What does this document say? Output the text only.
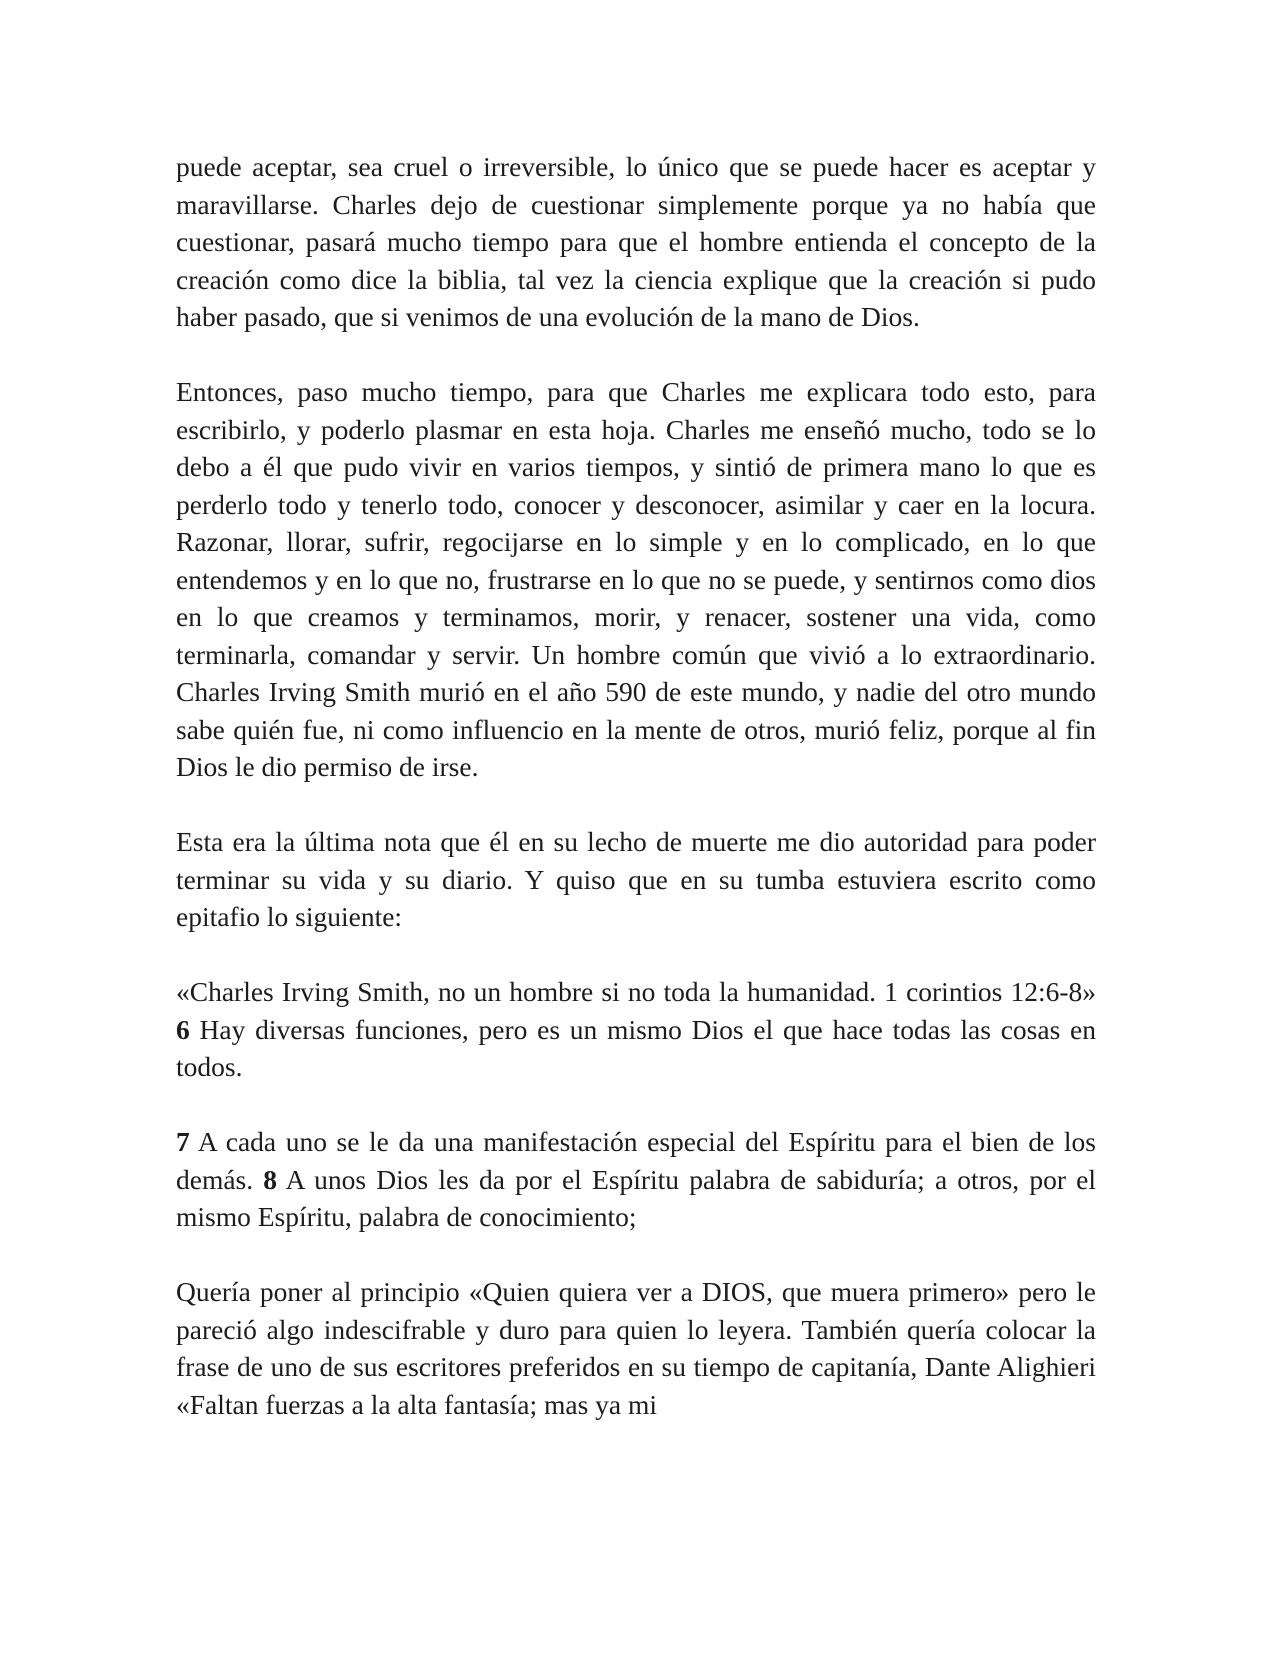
puede aceptar, sea cruel o irreversible, lo único que se puede hacer es aceptar y maravillarse. Charles dejo de cuestionar simplemente porque ya no había que cuestionar, pasará mucho tiempo para que el hombre entienda el concepto de la creación como dice la biblia, tal vez la ciencia explique que la creación si pudo haber pasado, que si venimos de una evolución de la mano de Dios.

Entonces, paso mucho tiempo, para que Charles me explicara todo esto, para escribirlo, y poderlo plasmar en esta hoja. Charles me enseñó mucho, todo se lo debo a él que pudo vivir en varios tiempos, y sintió de primera mano lo que es perderlo todo y tenerlo todo, conocer y desconocer, asimilar y caer en la locura. Razonar, llorar, sufrir, regocijarse en lo simple y en lo complicado, en lo que entendemos y en lo que no, frustrarse en lo que no se puede, y sentirnos como dios en lo que creamos y terminamos, morir, y renacer, sostener una vida, como terminarla, comandar y servir. Un hombre común que vivió a lo extraordinario. Charles Irving Smith murió en el año 590 de este mundo, y nadie del otro mundo sabe quién fue, ni como influencio en la mente de otros, murió feliz, porque al fin Dios le dio permiso de irse.

Esta era la última nota que él en su lecho de muerte me dio autoridad para poder terminar su vida y su diario. Y quiso que en su tumba estuviera escrito como epitafio lo siguiente:

«Charles Irving Smith, no un hombre si no toda la humanidad. 1 corintios 12:6-8» 6 Hay diversas funciones, pero es un mismo Dios el que hace todas las cosas en todos.

7 A cada uno se le da una manifestación especial del Espíritu para el bien de los demás. 8 A unos Dios les da por el Espíritu palabra de sabiduría; a otros, por el mismo Espíritu, palabra de conocimiento;

Quería poner al principio «Quien quiera ver a DIOS, que muera primero» pero le pareció algo indescifrable y duro para quien lo leyera. También quería colocar la frase de uno de sus escritores preferidos en su tiempo de capitanía, Dante Alighieri «Faltan fuerzas a la alta fantasía; mas ya mi
